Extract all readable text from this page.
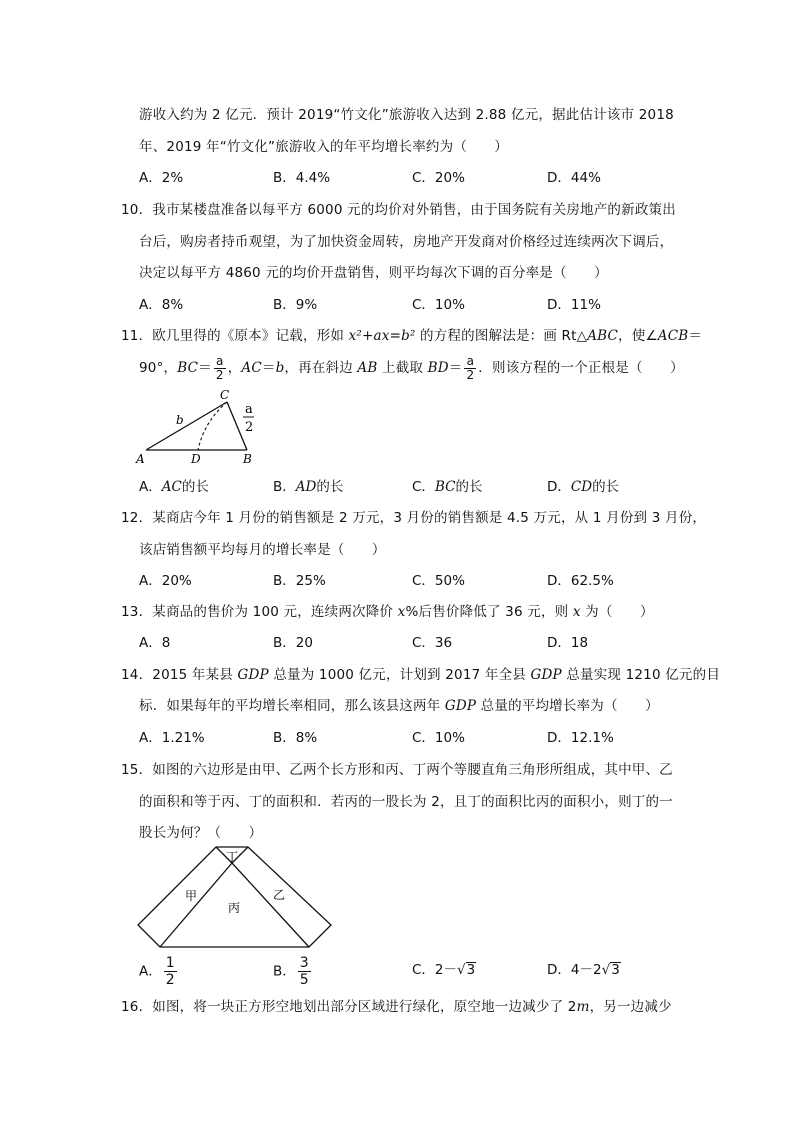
游收入约为 2 亿元．预计 2019“竹文化”旅游收入达到 2.88 亿元，据此估计该市 2018
年、2019 年“竹文化”旅游收入的年平均增长率约为（　　）
A．2%	B．4.4%	C．20%	D．44%
10．我市某楼盘准备以每平方 6000 元的均价对外销售，由于国务院有关房地产的新政策出
台后，购房者持币观望，为了加快资金周转，房地产开发商对价格经过连续两次下调后，
决定以每平方 4860 元的均价开盘销售，则平均每次下调的百分率是（　　）
A．8%	B．9%	C．10%	D．11%
11．欧几里得的《原本》记载，形如 x²+ax=b² 的方程的图解法是：画 Rt△ABC，使∠ACB＝
90°，$BC= \frac{a}{2}$ ，AC＝b，再在斜边 AB 上截取 $BD= \frac{a}{2}$ ．则该方程的一个正根是（　　）
C
b
a
2
A	D	B
A．AC的长	B．AD的长	C．BC的长	D．CD的长
12．某商店今年 1 月份的销售额是 2 万元，3 月份的销售额是 4.5 万元，从 1 月份到 3 月份，
该店销售额平均每月的增长率是（　　）
A．20%	B．25%	C．50%	D．62.5%
13．某商品的售价为 100 元，连续两次降价 x%后售价降低了 36 元，则 x 为（　　）
A．8	B．20	C．36	D．18
14．2015 年某县 GDP 总量为 1000 亿元，计划到 2017 年全县 GDP 总量实现 1210 亿元的目
标．如果每年的平均增长率相同，那么该县这两年 GDP 总量的平均增长率为（　　）
A．1.21%	B．8%	C．10%	D．12.1%
15．如图的六边形是由甲、乙两个长方形和丙、丁两个等腰直角三角形所组成，其中甲、乙
的面积和等于丙、丁的面积和．若丙的一股长为 2，且丁的面积比丙的面积小，则丁的一
股长为何？（　　）
丁
甲
丙
乙
A． $\frac{1}{2}$	B． $\frac{3}{5}$	C．2－√3	D．4－2√3
16．如图，将一块正方形空地划出部分区域进行绿化，原空地一边减少了 2m，另一边减少
